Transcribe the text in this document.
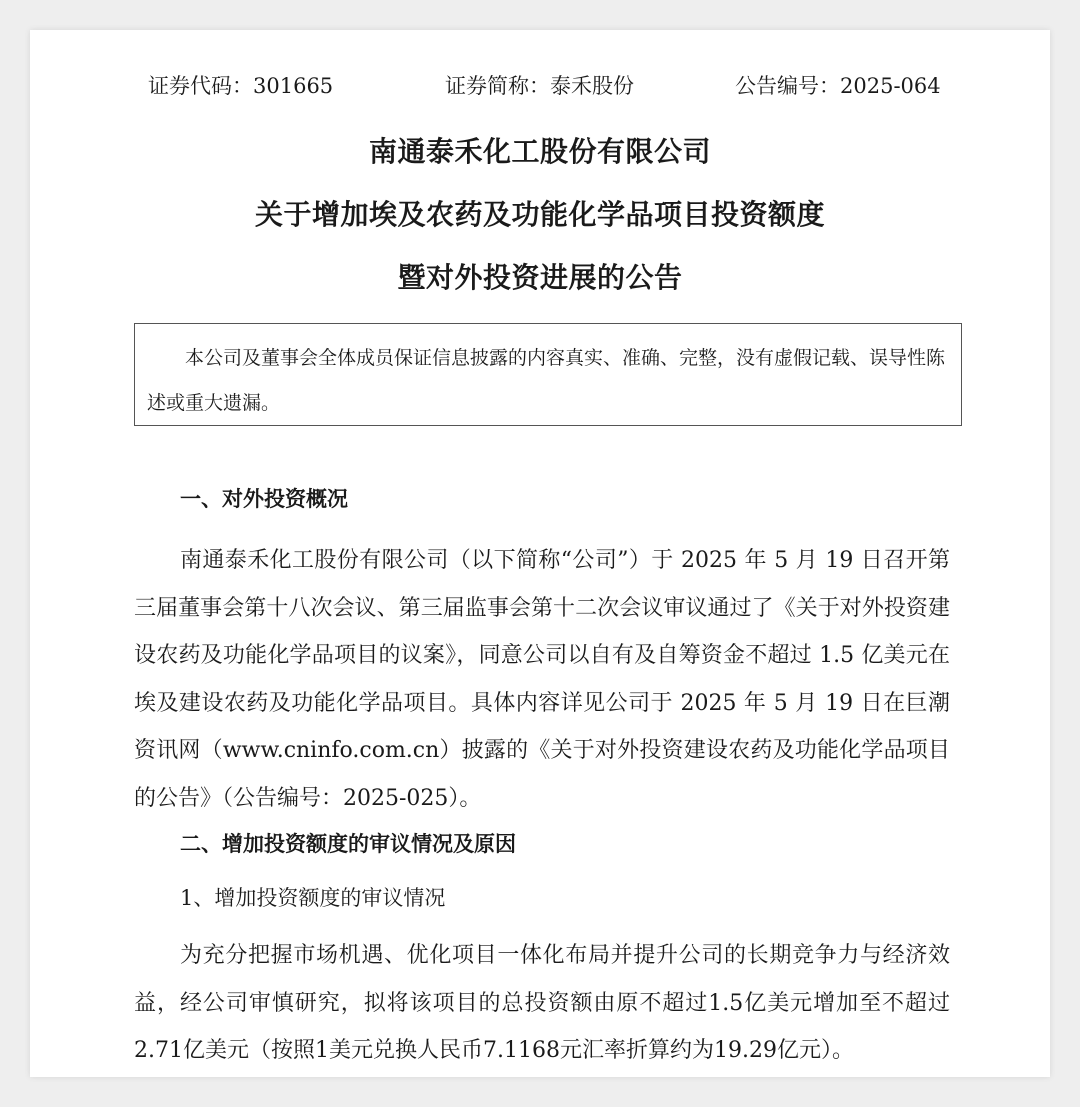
证券代码：301665	证券简称：泰禾股份	公告编号：2025-064
南通泰禾化工股份有限公司
关于增加埃及农药及功能化学品项目投资额度
暨对外投资进展的公告
本公司及董事会全体成员保证信息披露的内容真实、准确、完整，没有虚假记载、误导性陈述或重大遗漏。
一、对外投资概况
南通泰禾化工股份有限公司（以下简称“公司”）于 2025 年 5 月 19 日召开第三届董事会第十八次会议、第三届监事会第十二次会议审议通过了《关于对外投资建设农药及功能化学品项目的议案》，同意公司以自有及自筹资金不超过 1.5 亿美元在埃及建设农药及功能化学品项目。具体内容详见公司于 2025 年 5 月 19 日在巨潮资讯网（www.cninfo.com.cn）披露的《关于对外投资建设农药及功能化学品项目的公告》（公告编号：2025-025）。
二、增加投资额度的审议情况及原因
1、增加投资额度的审议情况
为充分把握市场机遇、优化项目一体化布局并提升公司的长期竞争力与经济效益，经公司审慎研究，拟将该项目的总投资额由原不超过1.5亿美元增加至不超过2.71亿美元（按照1美元兑换人民币7.1168元汇率折算约为19.29亿元）。
